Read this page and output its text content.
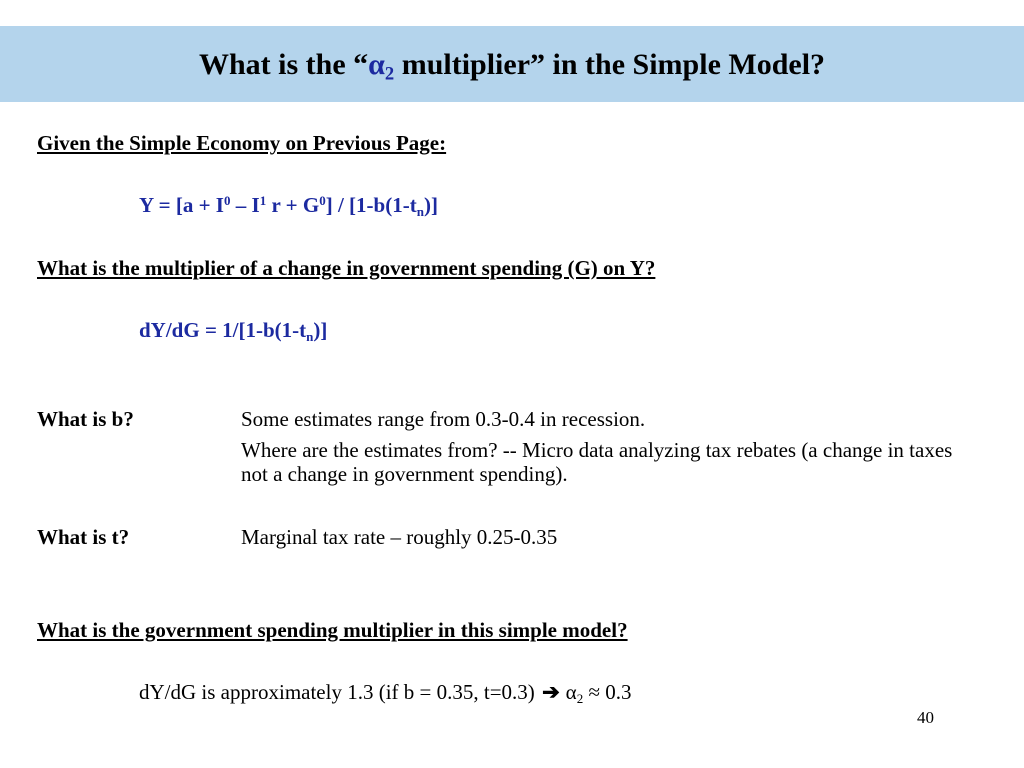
What is the “$\alpha_2$ multiplier” in the Simple Model?
Given the Simple Economy on Previous Page:
$Y = [a + I^0 - I^1$ $r + G^0] / [1-b(1-t_n)]$
What is the multiplier of a change in government spending (G) on Y?
$dY/dG = 1/[1-b(1-t_n)]$
What is b?	Some estimates range from 0.3-0.4 in recession.
Where are the estimates from? -- Micro data analyzing tax rebates (a change in taxes not a change in government spending).
What is t?	Marginal tax rate – roughly 0.25-0.35
What is the government spending multiplier in this simple model?
dY/dG is approximately 1.3 (if b = 0.35, t=0.3) ➔ $\alpha_2 \approx 0.3$
40
